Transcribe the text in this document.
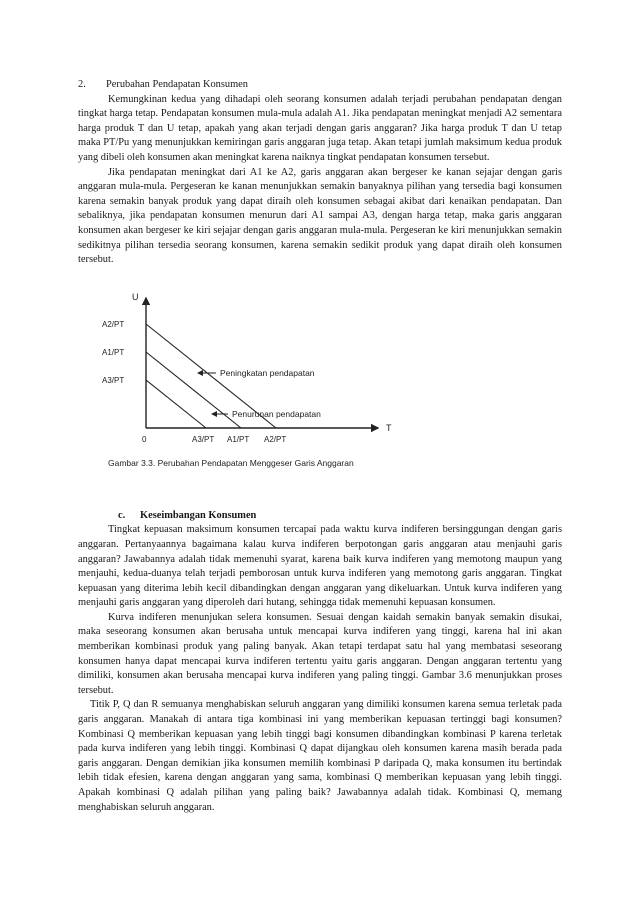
2.	Perubahan Pendapatan Konsumen

Kemungkinan kedua yang dihadapi oleh seorang konsumen adalah terjadi perubahan pendapatan dengan tingkat harga tetap. Pendapatan konsumen mula-mula adalah A1. Jika pendapatan meningkat menjadi A2 sementara harga produk T dan U tetap, apakah yang akan terjadi dengan garis anggaran? Jika harga produk T dan U tetap maka PT/Pu yang menunjukkan kemiringan garis anggaran juga tetap. Akan tetapi jumlah maksimum kedua produk yang dibeli oleh konsumen akan meningkat karena naiknya tingkat pendapatan konsumen tersebut.

Jika pendapatan meningkat dari A1 ke A2, garis anggaran akan bergeser ke kanan sejajar dengan garis anggaran mula-mula. Pergeseran ke kanan menunjukkan semakin banyaknya pilihan yang tersedia bagi konsumen karena semakin banyak produk yang dapat diraih oleh konsumen sebagai akibat dari kenaikan pendapatan. Dan sebaliknya, jika pendapatan konsumen menurun dari A1 sampai A3, dengan harga tetap, maka garis anggaran konsumen akan bergeser ke kiri sejajar dengan garis anggaran mula-mula. Pergeseran ke kiri menunjukkan semakin sedikitnya pilihan tersedia seorang konsumen, karena semakin sedikit produk yang dapat diraih oleh konsumen tersebut.

U
T
0
A2/PT
A1/PT
A3/PT
A3/PT A1/PT A2/PT
Peningkatan pendapatan
Penurunan pendapatan
Gambar 3.3. Perubahan Pendapatan Menggeser Garis Anggaran
c.	Keseimbangan Konsumen

Tingkat kepuasan maksimum konsumen tercapai pada waktu kurva indiferen bersinggungan dengan garis anggaran. Pertanyaannya bagaimana kalau kurva indiferen berpotongan garis anggaran atau menjauhi garis anggaran? Jawabannya adalah tidak memenuhi syarat, karena baik kurva indiferen yang memotong maupun yang menjauhi, kedua-duanya telah terjadi pemborosan untuk kurva indiferen yang memotong garis anggaran. Tingkat kepuasan yang diterima lebih kecil dibandingkan dengan anggaran yang dikeluarkan. Untuk kurva indiferen yang menjauhi garis anggaran yang diperoleh dari hutang, sehingga tidak memenuhi kepuasan konsumen.

Kurva indiferen menunjukan selera konsumen. Sesuai dengan kaidah semakin banyak semakin disukai, maka seseorang konsumen akan berusaha untuk mencapai kurva indiferen yang tinggi, karena hal ini akan memberikan kombinasi produk yang paling banyak. Akan tetapi terdapat satu hal yang membatasi seseorang konsumen hanya dapat mencapai kurva indiferen tertentu yaitu garis anggaran. Dengan anggaran tertentu yang dimiliki, konsumen akan berusaha mencapai kurva indiferen yang paling tinggi. Gambar 3.6 menunjukkan proses tersebut.

Titik P, Q dan R semuanya menghabiskan seluruh anggaran yang dimiliki konsumen karena semua terletak pada garis anggaran. Manakah di antara tiga kombinasi ini yang memberikan kepuasan tertinggi bagi konsumen? Kombinasi Q memberikan kepuasan yang lebih tinggi bagi konsumen dibandingkan kombinasi P karena terletak pada kurva indiferen yang lebih tinggi. Kombinasi Q dapat dijangkau oleh konsumen karena masih berada pada garis anggaran. Dengan demikian jika konsumen memilih kombinasi P daripada Q, maka konsumen itu bertindak lebih tidak efesien, karena dengan anggaran yang sama, kombinasi Q memberikan kepuasan yang lebih tinggi. Apakah kombinasi Q adalah pilihan yang paling baik? Jawabannya adalah tidak. Kombinasi Q, memang menghabiskan seluruh anggaran.
